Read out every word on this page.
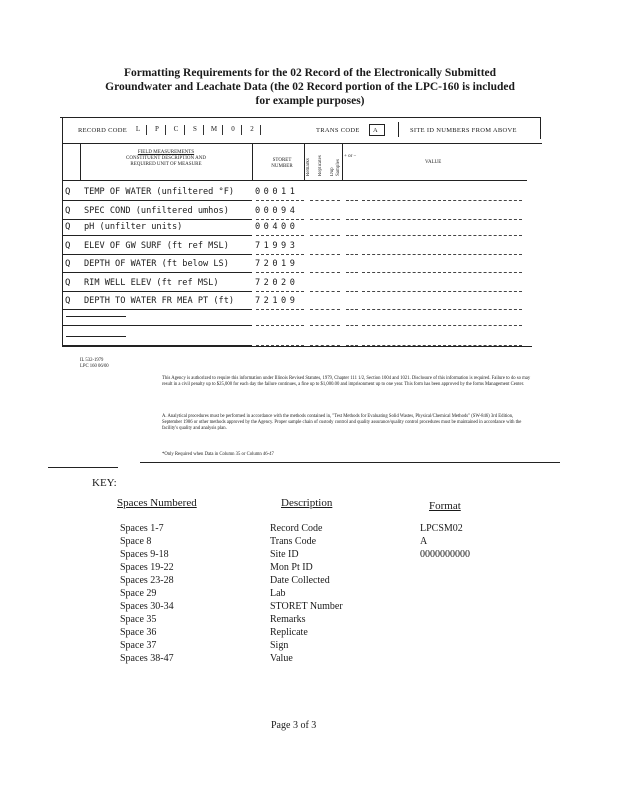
Formatting Requirements for the 02 Record of the Electronically Submitted
Groundwater and Leachate Data (the 02 Record portion of the LPC-160 is included
for example purposes)
RECORD CODE	L	P	C	S	M	0	2	TRANS CODE A	SITE ID NUMBERS FROM ABOVE
FIELD MEASUREMENTS
CONSTITUENT DESCRIPTION AND
REQUIRED UNIT OF MEASURE
STORET
NUMBER	Remarks	Replicates	Dup Samples
+ or −
VALUE
Q TEMP OF WATER (unfiltered °F)	00011
Q SPEC COND (unfiltered umhos)	00094
Q pH (unfilter units)	00400
Q ELEV OF GW SURF (ft ref MSL)	71993
Q DEPTH OF WATER (ft below LS)	72019
Q RIM WELL ELEV (ft ref MSL)	72020
Q DEPTH TO WATER FR MEA PT (ft)	72109
IL 532-1979
LPC 160 06/00
This Agency is authorized to require this information under Illinois Revised Statutes, 1979, Chapter 111 1/2, Section 1004 and 1021. Disclosure of this information is required. Failure to do so may result in a civil penalty up to $25,000 for each day the failure continues, a fine up to $1,000.00 and imprisonment up to one year. This form has been approved by the forms Management Center.
A. Analytical procedures must be performed in accordance with the methods contained in, "Test Methods for Evaluating Solid Wastes, Physical/Chemical Methods" (SW-846) 3rd Edition, September 1986 or other methods approved by the Agency. Proper sample chain of custody control and quality assurance/quality control procedures must be maintained in accordance with the facility's quality and analysis plan.
*Only Required when Data in Column 35 or Column 46-47
KEY:
Spaces Numbered	Description	Format
Spaces 1-7	Record Code	LPCSM02
Space 8	Trans Code	A
Spaces 9-18	Site ID	0000000000
Spaces 19-22	Mon Pt ID
Spaces 23-28	Date Collected
Space 29	Lab
Spaces 30-34	STORET Number
Space 35	Remarks
Space 36	Replicate
Space 37	Sign
Spaces 38-47	Value
Page 3 of 3
